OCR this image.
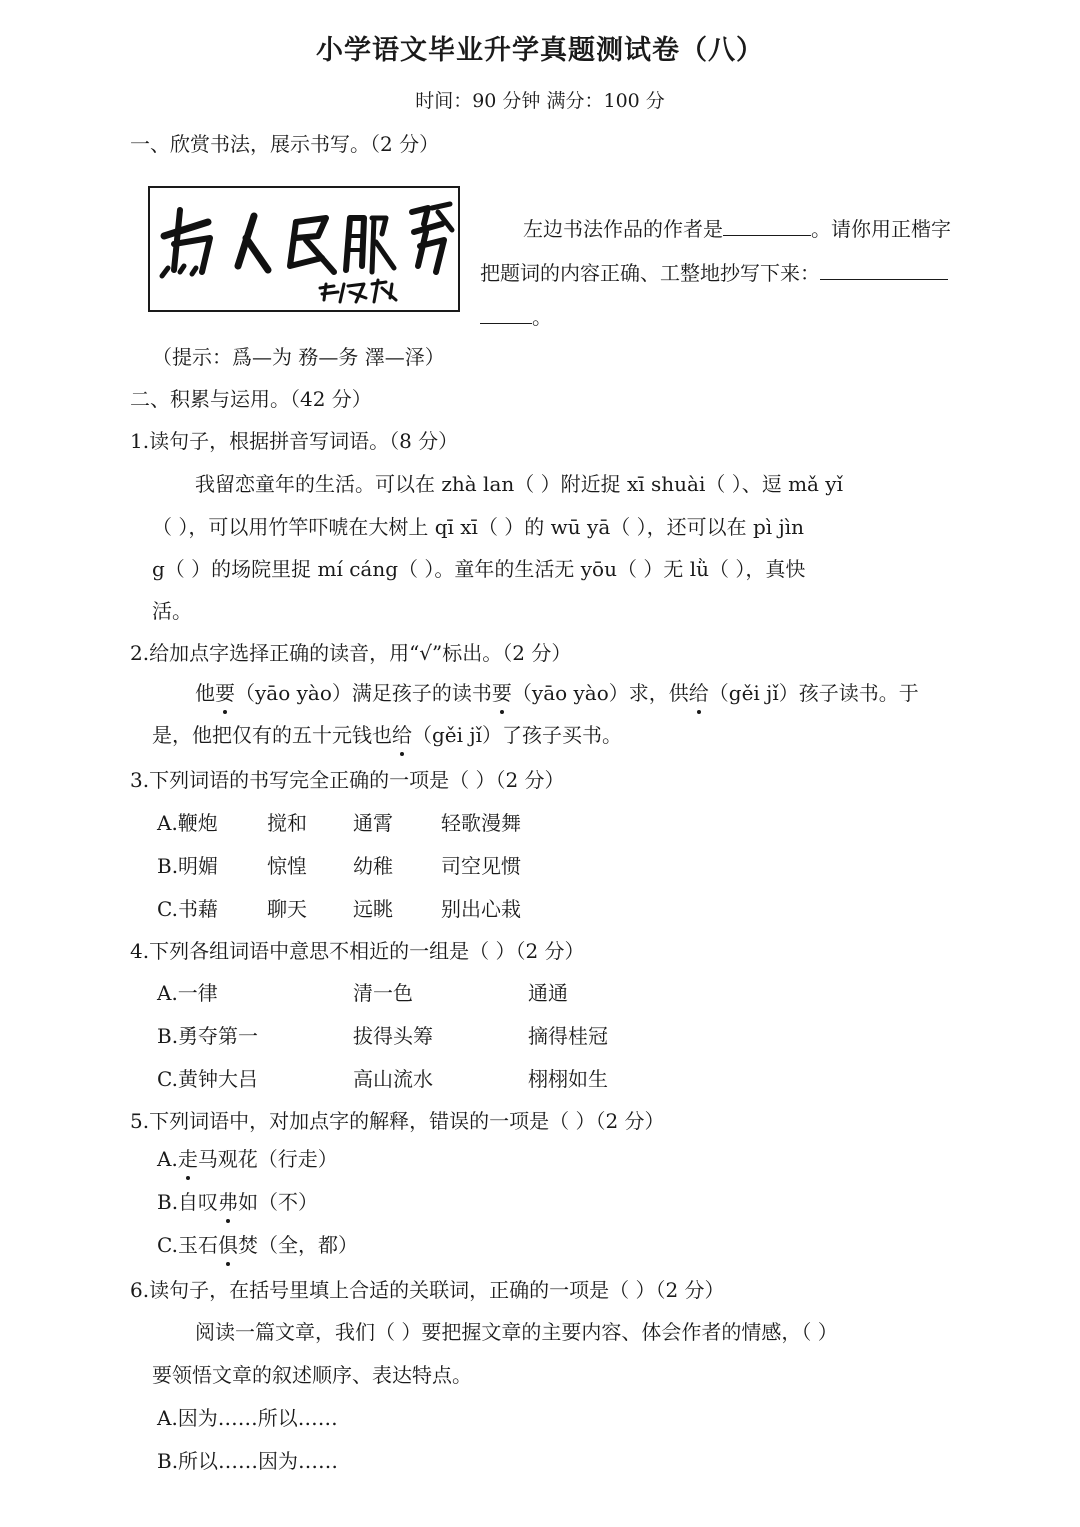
小学语文毕业升学真题测试卷（八）
时间：90 分钟 满分：100 分
一、欣赏书法，展示书写。（2 分）
左边书法作品的作者是	。请你用正楷字
把题词的内容正确、工整地抄写下来：
。
（提示：爲—为 務—务 澤—泽）
二、积累与运用。（42 分）
1.读句子，根据拼音写词语。（8 分）
我留恋童年的生活。可以在 zhà lan（ ）附近捉 xī shuài（ ）、逗 mǎ yǐ
（ ），可以用竹竿吓唬在大树上 qī xī（ ）的 wū yā（ ），还可以在 pì jìn
g（ ）的场院里捉 mí cáng（ ）。童年的生活无 yōu（ ）无 lǜ（ ），真快
活。
2.给加点字选择正确的读音，用“√”标出。（2 分）
他要（yāo yào）满足孩子的读书要（yāo yào）求，供给（gěi jǐ）孩子读书。于
是，他把仅有的五十元钱也给（gěi jǐ）了孩子买书。
3.下列词语的书写完全正确的一项是（ ）（2 分）
A.鞭炮 搅和 通霄 轻歌漫舞
B.明媚 惊惶 幼稚 司空见惯
C.书藉 聊天 远眺 别出心栽
4.下列各组词语中意思不相近的一组是（ ）（2 分）
A.一律	清一色	通通
B.勇夺第一	拔得头筹	摘得桂冠
C.黄钟大吕	高山流水	栩栩如生
5.下列词语中，对加点字的解释，错误的一项是（ ）（2 分）
A.走马观花（行走）
B.自叹弗如（不）
C.玉石俱焚（全，都）
6.读句子，在括号里填上合适的关联词，正确的一项是（ ）（2 分）
阅读一篇文章，我们（ ）要把握文章的主要内容、体会作者的情感，（ ）
要领悟文章的叙述顺序、表达特点。
A.因为……所以……
B.所以……因为……
